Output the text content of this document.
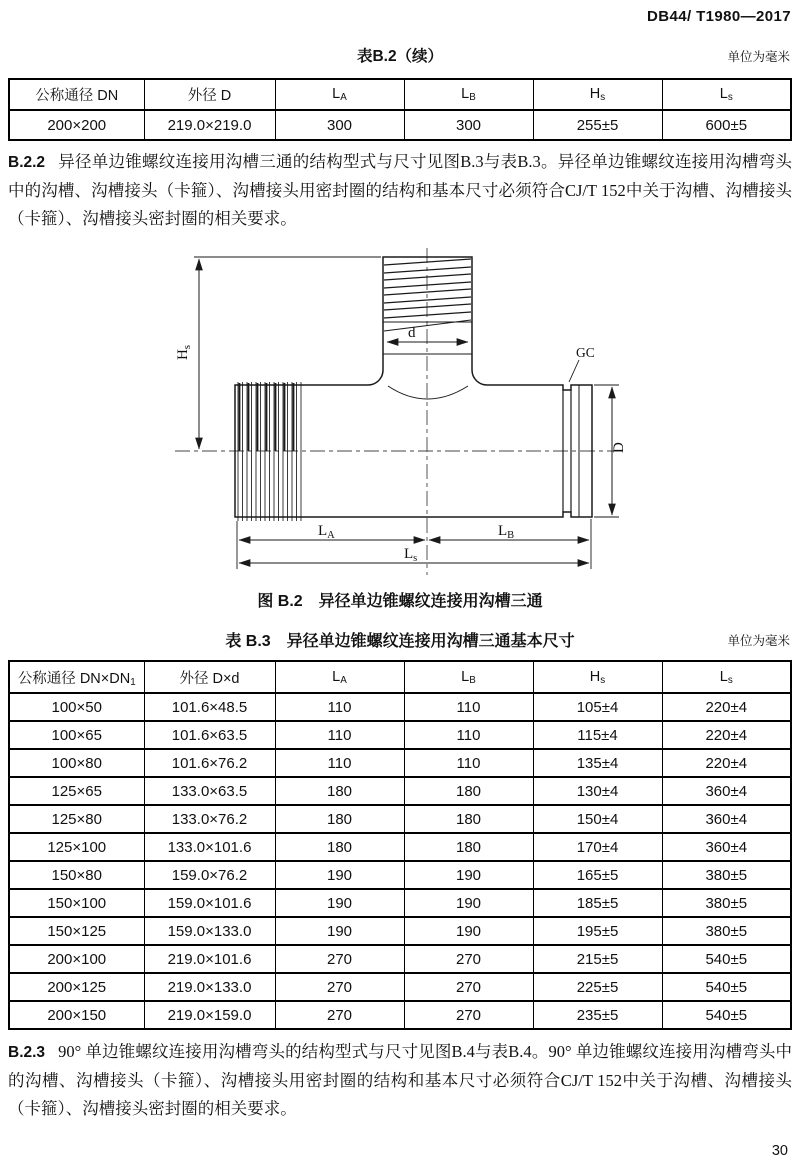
DB44/ T1980—2017
表B.2（续）	单位为毫米
公称通径 DN	外径 D	LA	LB	Hs	Ls
200×200	219.0×219.0	300	300	255±5	600±5

B.2.2 异径单边锥螺纹连接用沟槽三通的结构型式与尺寸见图B.3与表B.3。异径单边锥螺纹连接用沟槽弯头中的沟槽、沟槽接头（卡箍）、沟槽接头用密封圈的结构和基本尺寸必须符合CJ/T 152中关于沟槽、沟槽接头（卡箍）、沟槽接头密封圈的相关要求。

$H_s$
d
GC
D
$L_A$	$L_B$
$L_s$
图 B.2　异径单边锥螺纹连接用沟槽三通
表 B.3　异径单边锥螺纹连接用沟槽三通基本尺寸	单位为毫米
公称通径 DN×DN1	外径 D×d	LA	LB	Hs	Ls
100×50	101.6×48.5	110	110	105±4	220±4
100×65	101.6×63.5	110	110	115±4	220±4
100×80	101.6×76.2	110	110	135±4	220±4
125×65	133.0×63.5	180	180	130±4	360±4
125×80	133.0×76.2	180	180	150±4	360±4
125×100	133.0×101.6	180	180	170±4	360±4
150×80	159.0×76.2	190	190	165±5	380±5
150×100	159.0×101.6	190	190	185±5	380±5
150×125	159.0×133.0	190	190	195±5	380±5
200×100	219.0×101.6	270	270	215±5	540±5
200×125	219.0×133.0	270	270	225±5	540±5
200×150	219.0×159.0	270	270	235±5	540±5

B.2.3 90° 单边锥螺纹连接用沟槽弯头的结构型式与尺寸见图B.4与表B.4。90° 单边锥螺纹连接用沟槽弯头中的沟槽、沟槽接头（卡箍）、沟槽接头用密封圈的结构和基本尺寸必须符合CJ/T 152中关于沟槽、沟槽接头（卡箍）、沟槽接头密封圈的相关要求。

30
